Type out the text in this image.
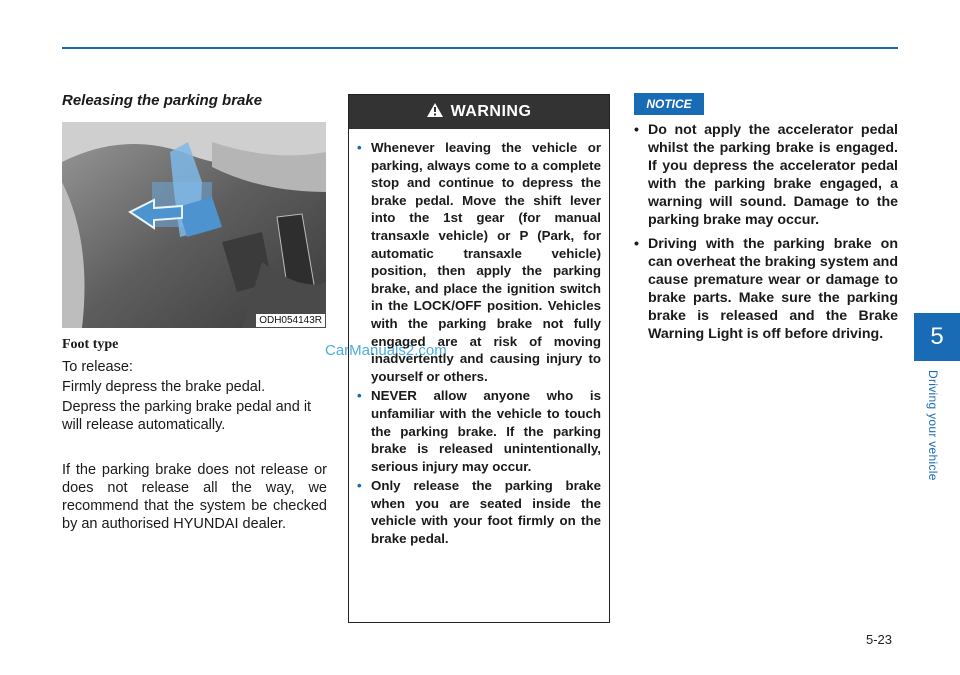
5
Driving your vehicle
Releasing the parking brake
ODH054143R
Foot type
To release:
Firmly depress the brake pedal.
Depress the parking brake pedal and it will release automatically.
If the parking brake does not release or does not release all the way, we recommend that the system be checked by an authorised HYUNDAI dealer.
CarManuals2.com
WARNING
• Whenever leaving the vehicle or parking, always come to a complete stop and continue to depress the brake pedal. Move the shift lever into the 1st gear (for manual transaxle vehicle) or P (Park, for automatic transaxle vehicle) position, then apply the parking brake, and place the ignition switch in the LOCK/OFF position. Vehicles with the parking brake not fully engaged are at risk of moving inadvertently and causing injury to yourself or others.
• NEVER allow anyone who is unfamiliar with the vehicle to touch the parking brake. If the parking brake is released unintentionally, serious injury may occur.
• Only release the parking brake when you are seated inside the vehicle with your foot firmly on the brake pedal.
NOTICE
• Do not apply the accelerator pedal whilst the parking brake is engaged. If you depress the accelerator pedal with the parking brake engaged, a warning will sound. Damage to the parking brake may occur.
• Driving with the parking brake on can overheat the braking system and cause premature wear or damage to brake parts. Make sure the parking brake is released and the Brake Warning Light is off before driving.
5-23
